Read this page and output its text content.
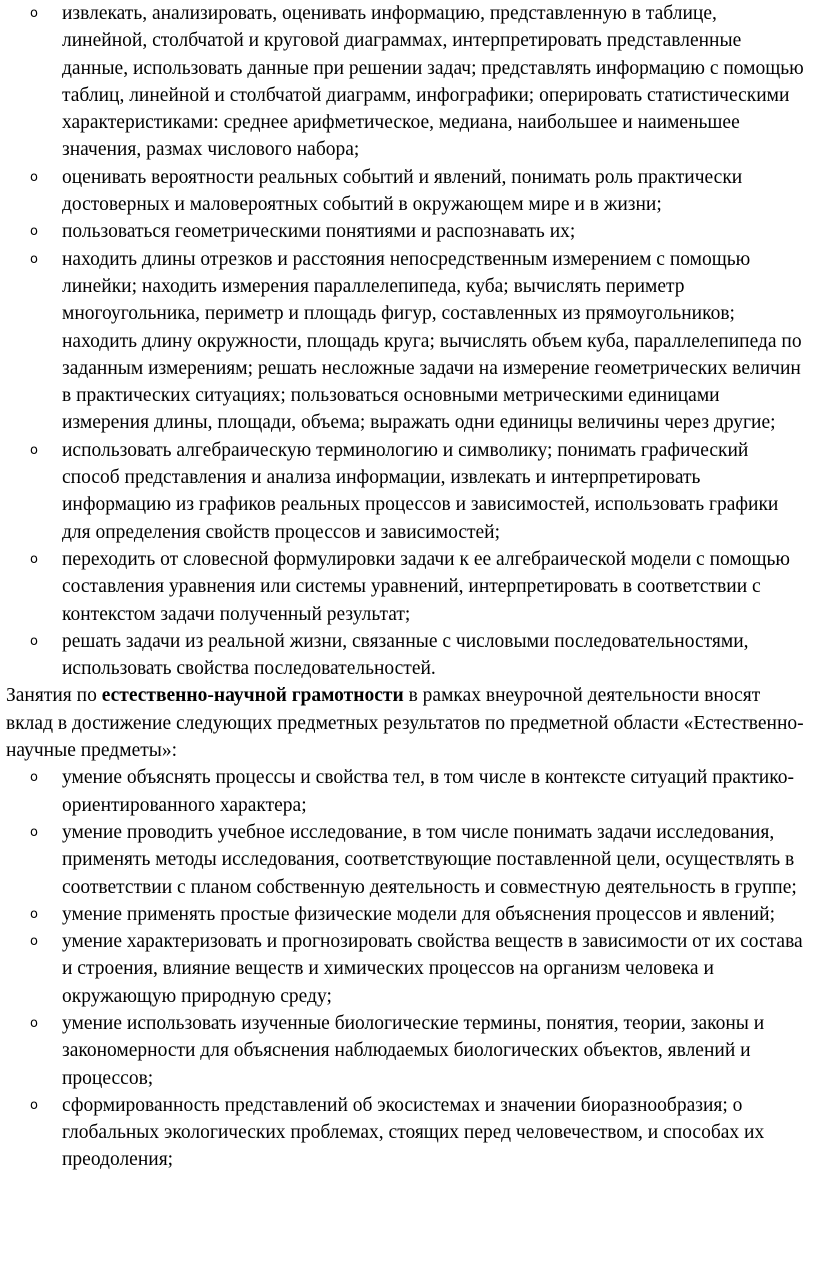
o извлекать, анализировать, оценивать информацию, представленную в таблице, линейной, столбчатой и круговой диаграммах, интерпретировать представленные данные, использовать данные при решении задач; представлять информацию с помощью таблиц, линейной и столбчатой диаграмм, инфографики; оперировать статистическими характеристиками: среднее арифметическое, медиана, наибольшее и наименьшее значения, размах числового набора;
o оценивать вероятности реальных событий и явлений, понимать роль практически достоверных и маловероятных событий в окружающем мире и в жизни;
o пользоваться геометрическими понятиями и распознавать их;
o находить длины отрезков и расстояния непосредственным измерением с помощью линейки; находить измерения параллелепипеда, куба; вычислять периметр многоугольника, периметр и площадь фигур, составленных из прямоугольников; находить длину окружности, площадь круга; вычислять объем куба, параллелепипеда по заданным измерениям; решать несложные задачи на измерение геометрических величин в практических ситуациях; пользоваться основными метрическими единицами измерения длины, площади, объема; выражать одни единицы величины через другие;
o использовать алгебраическую терминологию и символику; понимать графический способ представления и анализа информации, извлекать и интерпретировать информацию из графиков реальных процессов и зависимостей, использовать графики для определения свойств процессов и зависимостей;
o переходить от словесной формулировки задачи к ее алгебраической модели с помощью составления уравнения или системы уравнений, интерпретировать в соответствии с контекстом задачи полученный результат;
o решать задачи из реальной жизни, связанные с числовыми последовательностями, использовать свойства последовательностей.

Занятия по естественно-научной грамотности в рамках внеурочной деятельности вносят вклад в достижение следующих предметных результатов по предметной области «Естественно-научные предметы»:

o умение объяснять процессы и свойства тел, в том числе в контексте ситуаций практико-ориентированного характера;
o умение проводить учебное исследование, в том числе понимать задачи исследования, применять методы исследования, соответствующие поставленной цели, осуществлять в соответствии с планом собственную деятельность и совместную деятельность в группе;
o умение применять простые физические модели для объяснения процессов и явлений;
o умение характеризовать и прогнозировать свойства веществ в зависимости от их состава и строения, влияние веществ и химических процессов на организм человека и окружающую природную среду;
o умение использовать изученные биологические термины, понятия, теории, законы и закономерности для объяснения наблюдаемых биологических объектов, явлений и процессов;
o сформированность представлений об экосистемах и значении биоразнообразия; о глобальных экологических проблемах, стоящих перед человечеством, и способах их преодоления;
